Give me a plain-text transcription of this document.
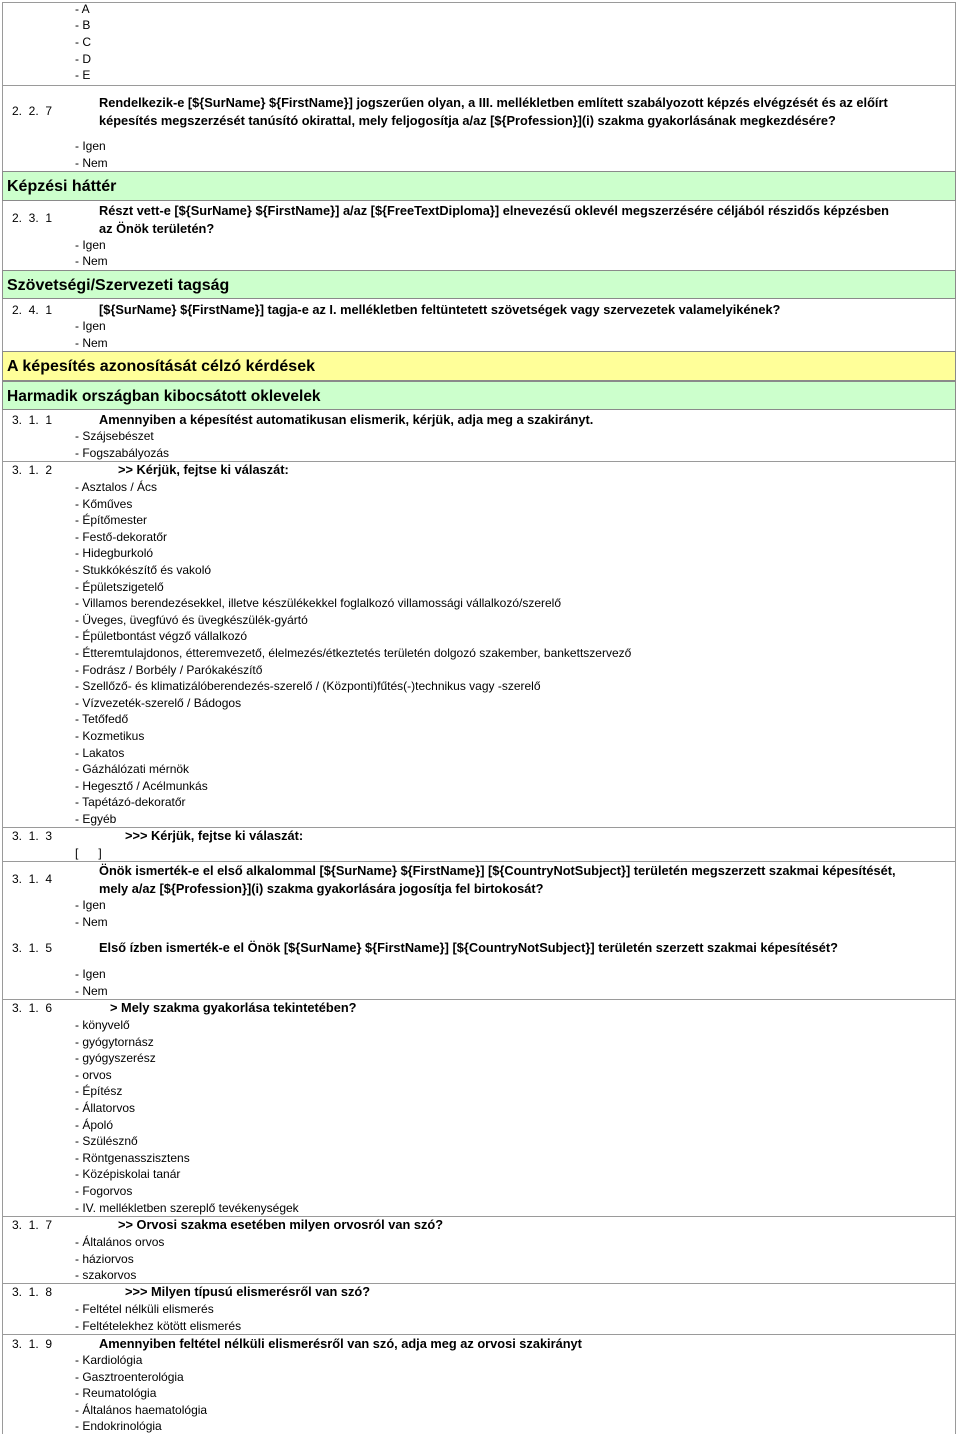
- A
- B
- C
- D
- E
2.  2.  7
Rendelkezik-e [${SurName} ${FirstName}] jogszerűen olyan, a III. mellékletben említett szabályozott képzés elvégzését és az előírt
képesítés megszerzését tanúsító okirattal, mely feljogosítja a/az [${Profession}](i) szakma gyakorlásának megkezdésére?
- Igen
- Nem
Képzési háttér
2.  3.  1	Részt vett-e [${SurName} ${FirstName}] a/az [${FreeTextDiploma}] elnevezésű oklevél megszerzésére céljából részidős képzésben
az Önök területén?
- Igen
- Nem
Szövetségi/Szervezeti tagság
2.  4.  1	[${SurName} ${FirstName}] tagja-e az I. mellékletben feltüntetett szövetségek vagy szervezetek valamelyikének?
- Igen
- Nem
A képesítés azonosítását célzó kérdések
Harmadik országban kibocsátott oklevelek
3.  1.  1	Amennyiben a képesítést automatikusan elismerik, kérjük, adja meg a szakirányt.
- Szájsebészet
- Fogszabályozás
3.  1.  2	>> Kérjük, fejtse ki válaszát:
- Asztalos / Ács
- Kőműves
- Építőmester
- Festő-dekoratőr
- Hidegburkoló
- Stukkókészítő és vakoló
- Épületszigetelő
- Villamos berendezésekkel, illetve készülékekkel foglalkozó villamossági vállalkozó/szerelő
- Üveges, üvegfúvó és üvegkészülék-gyártó
- Épületbontást végző vállalkozó
- Étteremtulajdonos, étteremvezető, élelmezés/étkeztetés területén dolgozó szakember, bankettszervező
- Fodrász / Borbély / Parókakészítő
- Szellőző- és klimatizálóberendezés-szerelő / (Központi)fűtés(-)technikus vagy -szerelő
- Vízvezeték-szerelő / Bádogos
- Tetőfedő
- Kozmetikus
- Lakatos
- Gázhálózati mérnök
- Hegesztő / Acélmunkás
- Tapétázó-dekoratőr
- Egyéb
3.  1.  3	>>> Kérjük, fejtse ki válaszát:
[      ]
3.  1.  4
Önök ismerték-e el első alkalommal [${SurName} ${FirstName}] [${CountryNotSubject}] területén megszerzett szakmai képesítését,
mely a/az [${Profession}](i) szakma gyakorlására jogosítja fel birtokosát?
- Igen
- Nem
3.  1.  5	Első ízben ismerték-e el Önök [${SurName} ${FirstName}] [${CountryNotSubject}] területén szerzett szakmai képesítését?
- Igen
- Nem
3.  1.  6	> Mely szakma gyakorlása tekintetében?
- könyvelő
- gyógytornász
- gyógyszerész
- orvos
- Építész
- Állatorvos
- Ápoló
- Szülésznő
- Röntgenasszisztens
- Középiskolai tanár
- Fogorvos
- IV. mellékletben szereplő tevékenységek
3.  1.  7	>> Orvosi szakma esetében milyen orvosról van szó?
- Általános orvos
- háziorvos
- szakorvos
3.  1.  8	>>> Milyen típusú elismerésről van szó?
- Feltétel nélküli elismerés
- Feltételekhez kötött elismerés
3.  1.  9	Amennyiben feltétel nélküli elismerésről van szó, adja meg az orvosi szakirányt
- Kardiológia
- Gasztroenterológia
- Reumatológia
- Általános haematológia
- Endokrinológia
